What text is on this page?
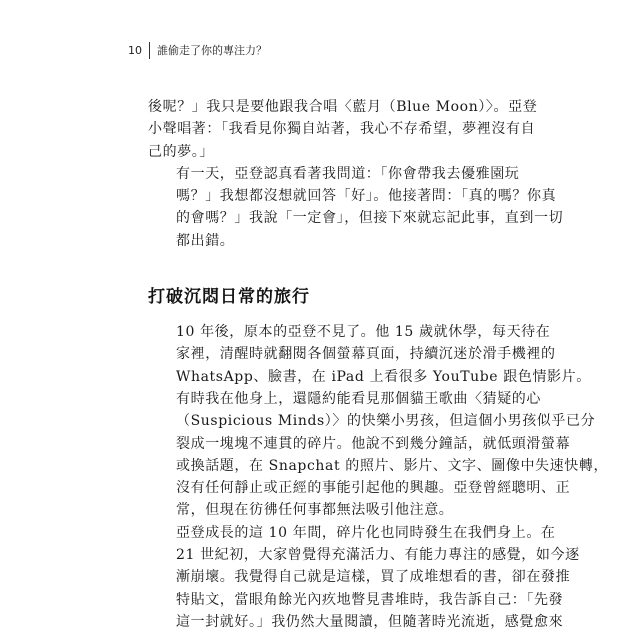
10	誰偷走了你的專注力？

後呢？」我只是要他跟我合唱〈藍月（Blue Moon）〉。亞登
小聲唱著：「我看見你獨自站著，我心不存希望，夢裡沒有自
己的夢。」

有一天，亞登認真看著我問道：「你會帶我去優雅園玩
嗎？」我想都沒想就回答「好」。他接著問：「真的嗎？你真
的會嗎？」我說「一定會」，但接下來就忘記此事，直到一切
都出錯。

打破沉悶日常的旅行

10 年後，原本的亞登不見了。他 15 歲就休學，每天待在
家裡，清醒時就翻閱各個螢幕頁面，持續沉迷於滑手機裡的
WhatsApp、臉書，在 iPad 上看很多 YouTube 跟色情影片。
有時我在他身上，還隱約能看見那個貓王歌曲〈猜疑的心
（Suspicious Minds）〉的快樂小男孩，但這個小男孩似乎已分
裂成一塊塊不連貫的碎片。他說不到幾分鐘話，就低頭滑螢幕
或換話題，在 Snapchat 的照片、影片、文字、圖像中失速快轉，
沒有任何靜止或正經的事能引起他的興趣。亞登曾經聰明、正
常，但現在彷彿任何事都無法吸引他注意。

亞登成長的這 10 年間，碎片化也同時發生在我們身上。在
21 世紀初，大家曾覺得充滿活力、有能力專注的感覺，如今逐
漸崩壞。我覺得自己就是這樣，買了成堆想看的書，卻在發推
特貼文，當眼角餘光內疚地瞥見書堆時，我告訴自己：「先發
這一封就好。」我仍然大量閱讀，但隨著時光流逝，感覺愈來
